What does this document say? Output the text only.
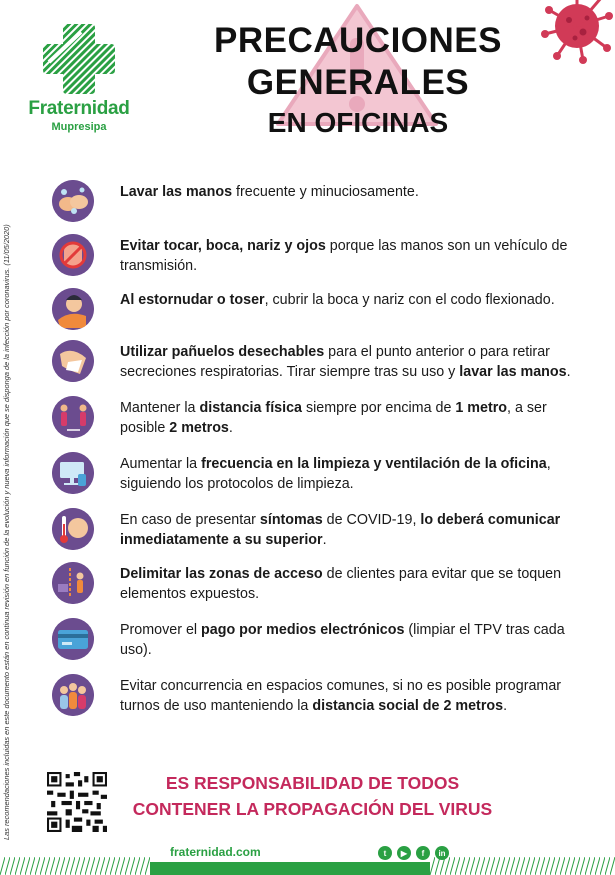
Fraternidad
Mupresipa
PRECAUCIONES
GENERALES
EN OFICINAS
Las recomendaciones incluidas en este documento están en continua revisión en función de la evolución y nueva información que se disponga de la infección por coronavirus. (11/05/2020)
Lavar las manos frecuente y minuciosamente.
Evitar tocar, boca, nariz y ojos porque las manos son un vehículo de transmisión.
Al estornudar o toser, cubrir la boca y nariz con el codo flexionado.
Utilizar pañuelos desechables para el punto anterior o para retirar secreciones respiratorias. Tirar siempre tras su uso y lavar las manos.
Mantener la distancia física siempre por encima de 1 metro, a ser posible 2 metros.
Aumentar la frecuencia en la limpieza y ventilación de la oficina, siguiendo los protocolos de limpieza.
En caso de presentar síntomas de COVID-19, lo deberá comunicar inmediatamente a su superior.
Delimitar las zonas de acceso de clientes para evitar que se toquen elementos expuestos.
Promover el pago por medios electrónicos (limpiar el TPV tras cada uso).
Evitar concurrencia en espacios comunes, si no es posible programar turnos de uso manteniendo la distancia social de 2 metros.
ES RESPONSABILIDAD DE TODOS
CONTENER LA PROPAGACIÓN DEL VIRUS
fraternidad.com	t	▶	f	in
